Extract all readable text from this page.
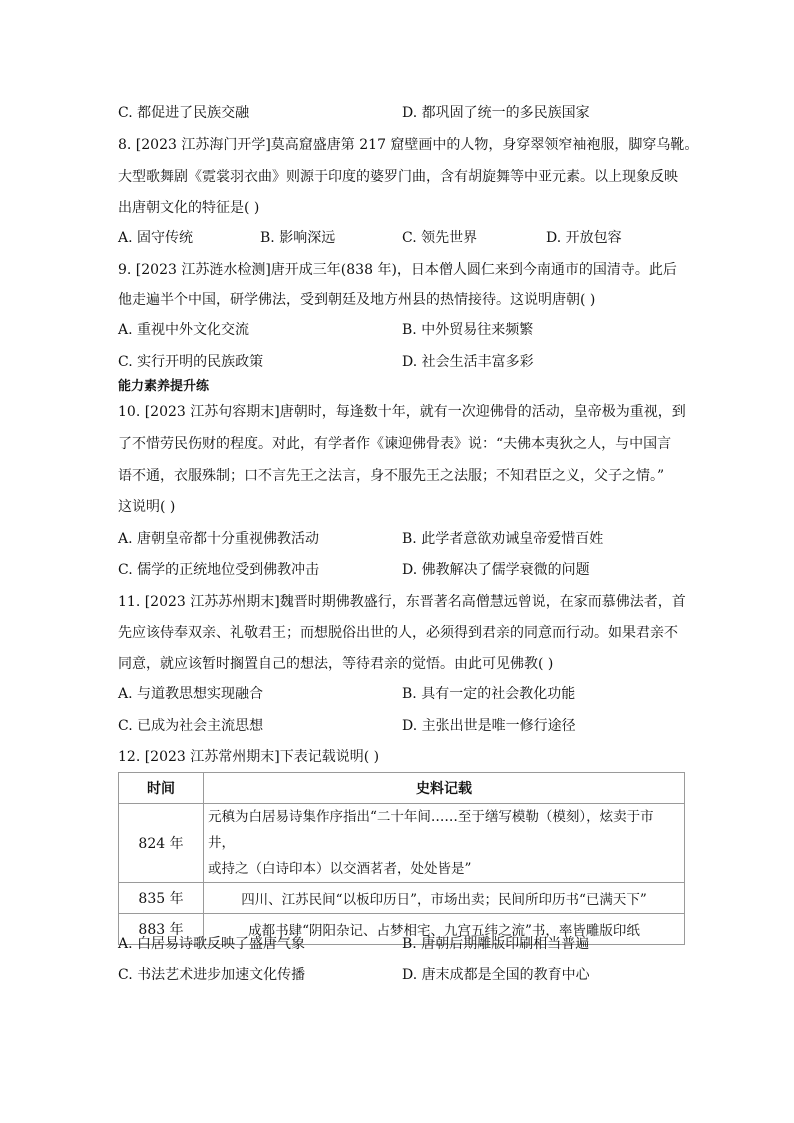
C. 都促进了民族交融	D. 都巩固了统一的多民族国家
8. [2023 江苏海门开学]莫高窟盛唐第 217 窟壁画中的人物，身穿翠领窄袖袍服，脚穿乌靴。
大型歌舞剧《霓裳羽衣曲》则源于印度的婆罗门曲，含有胡旋舞等中亚元素。以上现象反映
出唐朝文化的特征是( )
A. 固守传统	B. 影响深远	C. 领先世界	D. 开放包容
9. [2023 江苏涟水检测]唐开成三年(838 年)，日本僧人圆仁来到今南通市的国清寺。此后
他走遍半个中国，研学佛法，受到朝廷及地方州县的热情接待。这说明唐朝( )
A. 重视中外文化交流	B. 中外贸易往来频繁
C. 实行开明的民族政策	D. 社会生活丰富多彩
能力素养提升练
10. [2023 江苏句容期末]唐朝时，每逢数十年，就有一次迎佛骨的活动，皇帝极为重视，到
了不惜劳民伤财的程度。对此，有学者作《谏迎佛骨表》说：“夫佛本夷狄之人，与中国言
语不通，衣服殊制；口不言先王之法言，身不服先王之法服；不知君臣之义，父子之情。”
这说明( )
A. 唐朝皇帝都十分重视佛教活动	B. 此学者意欲劝诫皇帝爱惜百姓
C. 儒学的正统地位受到佛教冲击	D. 佛教解决了儒学衰微的问题
11. [2023 江苏苏州期末]魏晋时期佛教盛行，东晋著名高僧慧远曾说，在家而慕佛法者，首
先应该侍奉双亲、礼敬君王；而想脱俗出世的人，必须得到君亲的同意而行动。如果君亲不
同意，就应该暂时搁置自己的想法，等待君亲的觉悟。由此可见佛教( )
A. 与道教思想实现融合	B. 具有一定的社会教化功能
C. 已成为社会主流思想	D. 主张出世是唯一修行途径
12. [2023 江苏常州期末]下表记载说明( )
时间	史料记载
824 年	元稹为白居易诗集作序指出“二十年间……至于缮写模勒（模刻），炫卖于市井，
或持之（白诗印本）以交酒茗者，处处皆是”

835 年	四川、江苏民间“以板印历日”，市场出卖；民间所印历书“已满天下”
883 年	成都书肆“阴阳杂记、占梦相宅、九宫五纬之流”书，率皆雕版印纸
A. 白居易诗歌反映了盛唐气象	B. 唐朝后期雕版印刷相当普遍
C. 书法艺术进步加速文化传播	D. 唐末成都是全国的教育中心
